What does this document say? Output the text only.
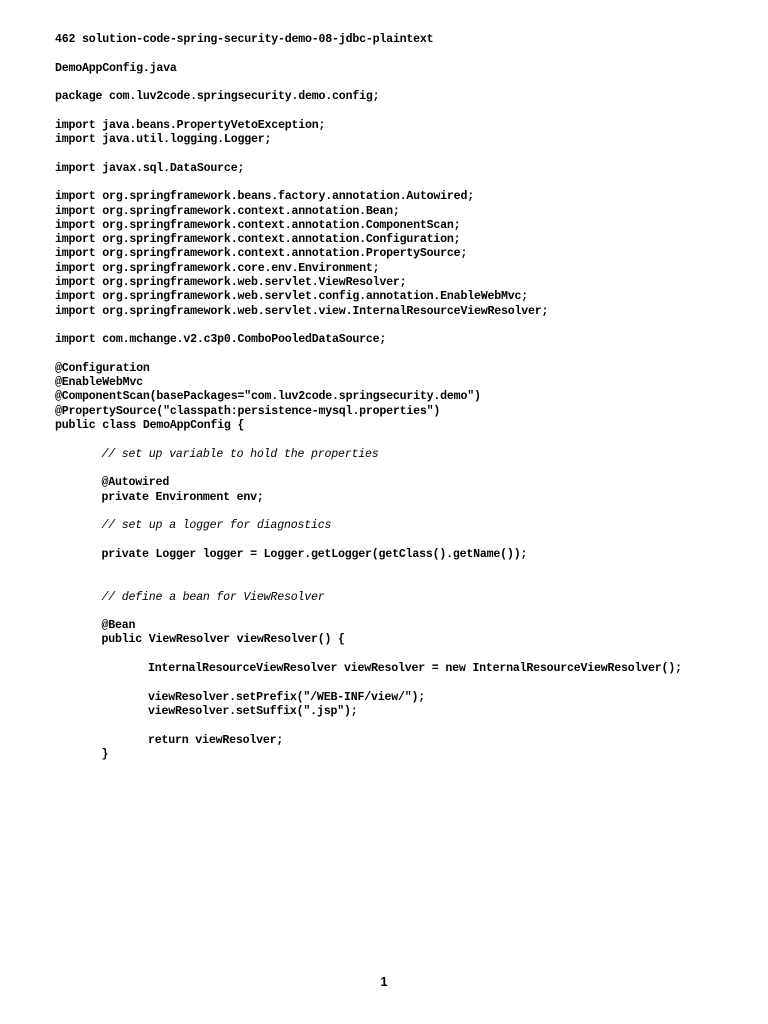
462 solution-code-spring-security-demo-08-jdbc-plaintext
DemoAppConfig.java
package com.luv2code.springsecurity.demo.config;
import java.beans.PropertyVetoException;
import java.util.logging.Logger;
import javax.sql.DataSource;
import org.springframework.beans.factory.annotation.Autowired;
import org.springframework.context.annotation.Bean;
import org.springframework.context.annotation.ComponentScan;
import org.springframework.context.annotation.Configuration;
import org.springframework.context.annotation.PropertySource;
import org.springframework.core.env.Environment;
import org.springframework.web.servlet.ViewResolver;
import org.springframework.web.servlet.config.annotation.EnableWebMvc;
import org.springframework.web.servlet.view.InternalResourceViewResolver;
import com.mchange.v2.c3p0.ComboPooledDataSource;
@Configuration
@EnableWebMvc
@ComponentScan(basePackages="com.luv2code.springsecurity.demo")
@PropertySource("classpath:persistence-mysql.properties")
public class DemoAppConfig {
// set up variable to hold the properties
@Autowired
private Environment env;
// set up a logger for diagnostics
private Logger logger = Logger.getLogger(getClass().getName());
// define a bean for ViewResolver
@Bean
public ViewResolver viewResolver() {
InternalResourceViewResolver viewResolver = new InternalResourceViewResolver();
viewResolver.setPrefix("/WEB-INF/view/");
viewResolver.setSuffix(".jsp");
return viewResolver;
}
1
